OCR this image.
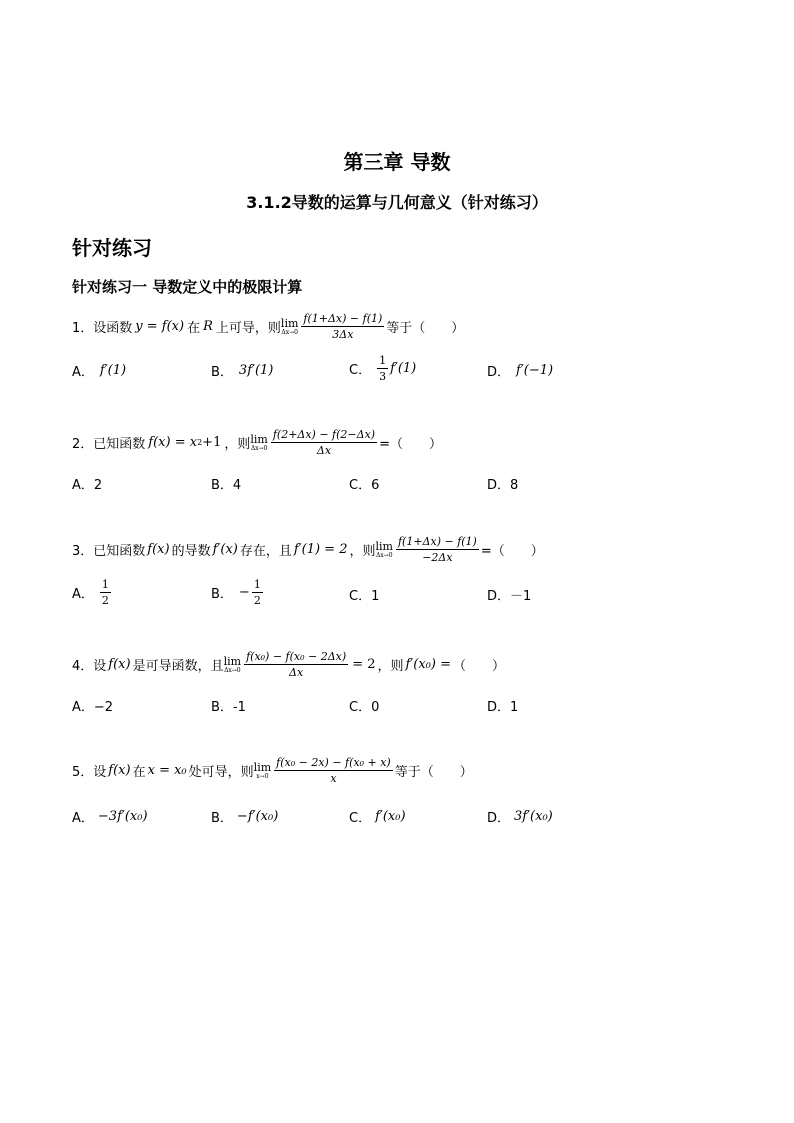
第三章 导数
3.1.2导数的运算与几何意义（针对练习）
针对练习
针对练习一 导数定义中的极限计算
1． 设函数 y = f(x) 在 R 上可导，则 lim
$\Delta x\to 0 \frac{f(1+\Delta x) - f(1)}{3\Delta x}$ 等于（　　）
A． f′(1)	B． 3f′(1)	C． $\frac{1}{3} f'(1)$	D． f′(−1)
2． 已知函数 f(x) = x 2 +1 ，则 lim
$\Delta x\to 0 \frac{f(2+\Delta x) - f(2-\Delta x)}{\Delta x}$ =（　　）
A．2	B．4	C．6	D．8
3． 已知函数 f(x) 的导数 f′(x) 存在，且 f′(1) = 2 ，则 lim
$\Delta x\to 0 \frac{f(1+\Delta x) - f(1)}{-2\Delta x}$ =（　　）
A． $\frac{1}{2}$	B． − $\frac{1}{2}$	C．1	D．－1
4． 设 f(x) 是可导函数，且 lim
$\Delta x\to 0 \frac{\text{f(x₀) − f(x₀ − 2Δx)}}{\Delta x} = 2$ ，则 f′(x₀) = （　　）
A．−2	B．-1	C．0	D．1
5． 设 f(x) 在 x = x₀ 处可导，则 lim
$x\to 0 \frac{\text{f(x₀ − 2x) − f(x₀ + x)}}{x}$ 等于（　　）
A． −3f′(x₀)	B． −f′(x₀)	C． f′(x₀)	D． 3f′(x₀)
